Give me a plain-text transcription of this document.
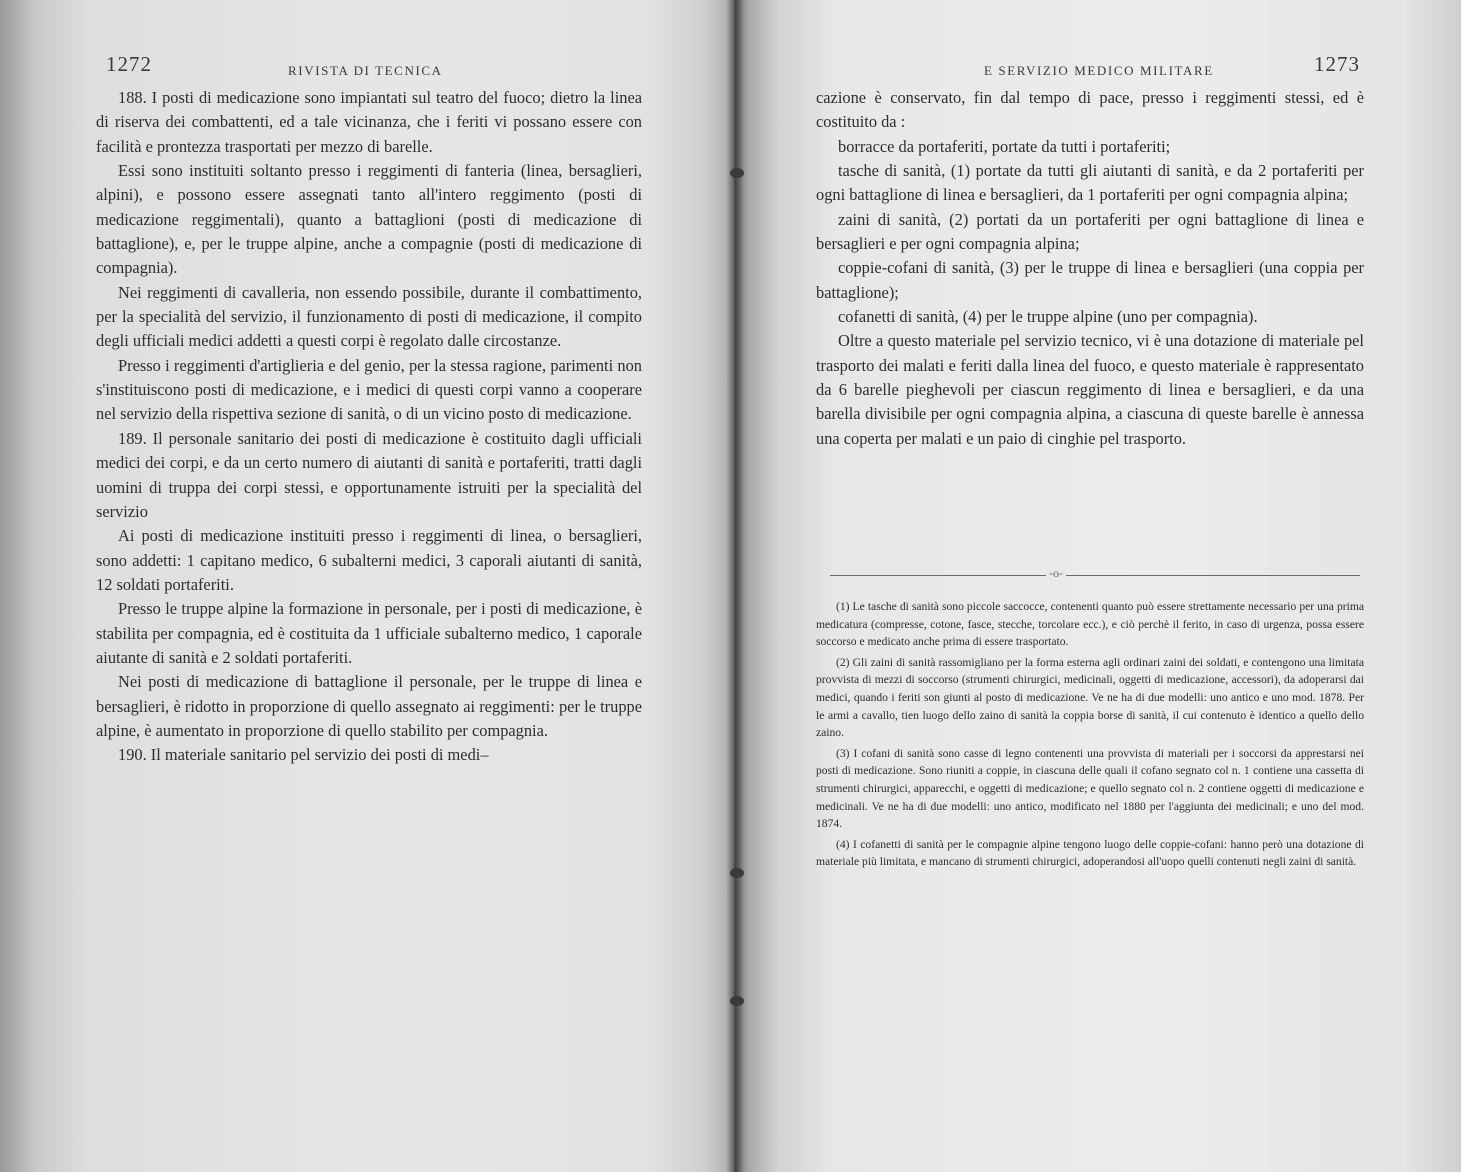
1272	RIVISTA DI TECNICA

188. I posti di medicazione sono impiantati sul teatro del fuoco; dietro la linea di riserva dei combattenti, ed a tale vicinanza, che i feriti vi possano essere con facilità e prontezza trasportati per mezzo di barelle.

Essi sono instituiti soltanto presso i reggimenti di fanteria (linea, bersaglieri, alpini), e possono essere assegnati tanto all'intero reggimento (posti di medicazione reggimentali), quanto a battaglioni (posti di medicazione di battaglione), e, per le truppe alpine, anche a compagnie (posti di medicazione di compagnia).

Nei reggimenti di cavalleria, non essendo possibile, durante il combattimento, per la specialità del servizio, il funzionamento di posti di medicazione, il compito degli ufficiali medici addetti a questi corpi è regolato dalle circostanze.

Presso i reggimenti d'artiglieria e del genio, per la stessa ragione, parimenti non s'instituiscono posti di medicazione, e i medici di questi corpi vanno a cooperare nel servizio della rispettiva sezione di sanità, o di un vicino posto di medicazione.

189. Il personale sanitario dei posti di medicazione è costituito dagli ufficiali medici dei corpi, e da un certo numero di aiutanti di sanità e portaferiti, tratti dagli uomini di truppa dei corpi stessi, e opportunamente istruiti per la specialità del servizio

Ai posti di medicazione instituiti presso i reggimenti di linea, o bersaglieri, sono addetti: 1 capitano medico, 6 subalterni medici, 3 caporali aiutanti di sanità, 12 soldati portaferiti.

Presso le truppe alpine la formazione in personale, per i posti di medicazione, è stabilita per compagnia, ed è costituita da 1 ufficiale subalterno medico, 1 caporale aiutante di sanità e 2 soldati portaferiti.

Nei posti di medicazione di battaglione il personale, per le truppe di linea e bersaglieri, è ridotto in proporzione di quello assegnato ai reggimenti: per le truppe alpine, è aumentato in proporzione di quello stabilito per compagnia.

190. Il materiale sanitario pel servizio dei posti di medi–

E SERVIZIO MEDICO MILITARE	1273

cazione è conservato, fin dal tempo di pace, presso i reggimenti stessi, ed è costituito da :

borracce da portaferiti, portate da tutti i portaferiti;

tasche di sanità, (1) portate da tutti gli aiutanti di sanità, e da 2 portaferiti per ogni battaglione di linea e bersaglieri, da 1 portaferiti per ogni compagnia alpina;

zaini di sanità, (2) portati da un portaferiti per ogni battaglione di linea e bersaglieri e per ogni compagnia alpina;

coppie-cofani di sanità, (3) per le truppe di linea e bersaglieri (una coppia per battaglione);

cofanetti di sanità, (4) per le truppe alpine (uno per compagnia).

Oltre a questo materiale pel servizio tecnico, vi è una dotazione di materiale pel trasporto dei malati e feriti dalla linea del fuoco, e questo materiale è rappresentato da 6 barelle pieghevoli per ciascun reggimento di linea e bersaglieri, e da una barella divisibile per ogni compagnia alpina, a ciascuna di queste barelle è annessa una coperta per malati e un paio di cinghie pel trasporto.

-o-

(1) Le tasche di sanità sono piccole saccocce, contenenti quanto può essere strettamente necessario per una prima medicatura (compresse, cotone, fasce, stecche, torcolare ecc.), e ciò perchè il ferito, in caso di urgenza, possa essere soccorso e medicato anche prima di essere trasportato.

(2) Gli zaini di sanità rassomigliano per la forma esterna agli ordinari zaini dei soldati, e contengono una limitata provvista di mezzi di soccorso (strumenti chirurgici, medicinali, oggetti di medicazione, accessori), da adoperarsi dai medici, quando i feriti son giunti al posto di medicazione. Ve ne ha di due modelli: uno antico e uno mod. 1878. Per le armi a cavallo, tien luogo dello zaino di sanità la coppia borse di sanità, il cui contenuto è identico a quello dello zaino.

(3) I cofani di sanità sono casse di legno contenenti una provvista di materiali per i soccorsi da apprestarsi nei posti di medicazione. Sono riuniti a coppie, in ciascuna delle quali il cofano segnato col n. 1 contiene una cassetta di strumenti chirurgici, apparecchi, e oggetti di medicazione; e quello segnato col n. 2 contiene oggetti di medicazione e medicinali. Ve ne ha di due modelli: uno antico, modificato nel 1880 per l'aggiunta dei medicinali; e uno del mod. 1874.

(4) I cofanetti di sanità per le compagnie alpine tengono luogo delle coppie-cofani: hanno però una dotazione di materiale più limitata, e mancano di strumenti chirurgici, adoperandosi all'uopo quelli contenuti negli zaini di sanità.
